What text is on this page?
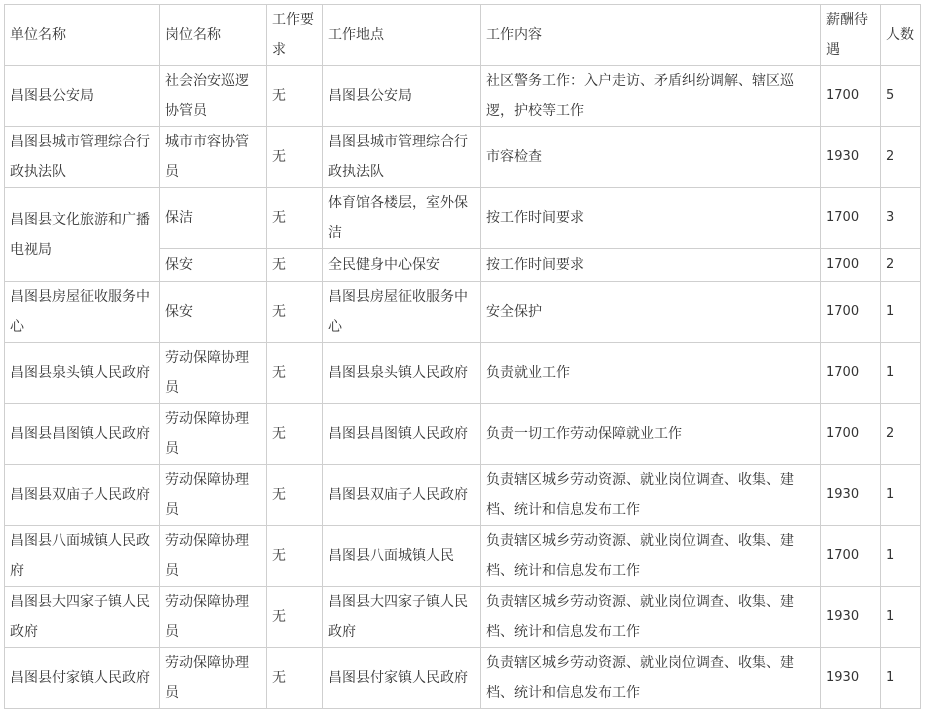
单位名称	岗位名称	工作要求	工作地点	工作内容	薪酬待遇	人数
昌图县公安局	社会治安巡逻协管员	无	昌图县公安局	社区警务工作：入户走访、矛盾纠纷调解、辖区巡逻，护校等工作	1700	5
昌图县城市管理综合行政执法队	城市市容协管员	无	昌图县城市管理综合行政执法队	市容检查	1930	2
昌图县文化旅游和广播电视局	保洁	无	体育馆各楼层，室外保洁	按工作时间要求	1700	3
	保安	无	全民健身中心保安	按工作时间要求	1700	2
昌图县房屋征收服务中心	保安	无	昌图县房屋征收服务中心	安全保护	1700	1
昌图县泉头镇人民政府	劳动保障协理员	无	昌图县泉头镇人民政府	负责就业工作	1700	1
昌图县昌图镇人民政府	劳动保障协理员	无	昌图县昌图镇人民政府	负责一切工作劳动保障就业工作	1700	2
昌图县双庙子人民政府	劳动保障协理员	无	昌图县双庙子人民政府	负责辖区城乡劳动资源、就业岗位调查、收集、建档、统计和信息发布工作	1930	1
昌图县八面城镇人民政府	劳动保障协理员	无	昌图县八面城镇人民	负责辖区城乡劳动资源、就业岗位调查、收集、建档、统计和信息发布工作	1700	1
昌图县大四家子镇人民政府	劳动保障协理员	无	昌图县大四家子镇人民政府	负责辖区城乡劳动资源、就业岗位调查、收集、建档、统计和信息发布工作	1930	1
昌图县付家镇人民政府	劳动保障协理员	无	昌图县付家镇人民政府	负责辖区城乡劳动资源、就业岗位调查、收集、建档、统计和信息发布工作	1930	1
